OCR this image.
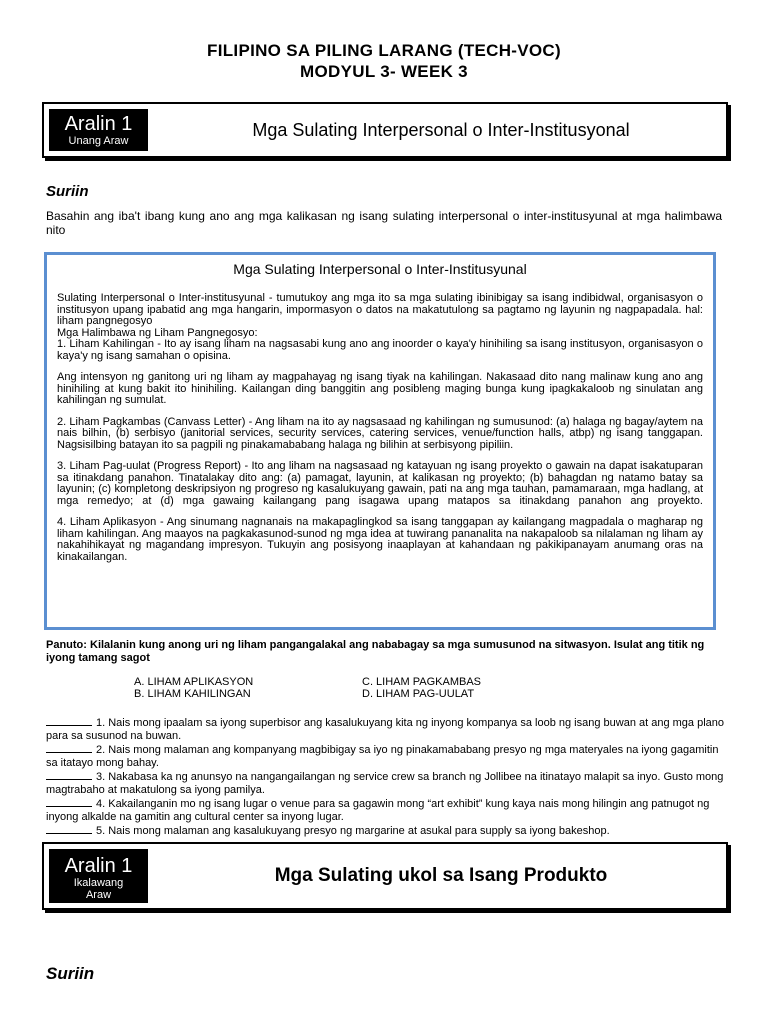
FILIPINO SA PILING LARANG (TECH-VOC)
MODYUL 3- WEEK 3
Aralin 1
Unang Araw
Mga Sulating Interpersonal o Inter-Institusyonal
Suriin
Basahin ang iba't ibang kung ano ang mga kalikasan ng isang sulating interpersonal o inter-institusyunal at mga halimbawa nito
Mga Sulating Interpersonal o Inter-Institusyunal

Sulating Interpersonal o Inter-institusyunal - tumutukoy ang mga ito sa mga sulating ibinibigay sa isang indibidwal, organisasyon o institusyon upang ipabatid ang mga hangarin, impormasyon o datos na makatutulong sa pagtamo ng layunin ng nagpapadala. hal: liham pangnegosyo

Mga Halimbawa ng Liham Pangnegosyo:

1. Liham Kahilingan - Ito ay isang liham na nagsasabi kung ano ang inoorder o kaya'y hinihiling sa isang institusyon, organisasyon o kaya'y ng isang samahan o opisina.

Ang intensyon ng ganitong uri ng liham ay magpahayag ng isang tiyak na kahilingan. Nakasaad dito nang malinaw kung ano ang hinihiling at kung bakit ito hinihiling. Kailangan ding banggitin ang posibleng maging bunga kung ipagkakaloob ng sinulatan ang kahilingan ng sumulat.

2. Liham Pagkambas (Canvass Letter) - Ang liham na ito ay nagsasaad ng kahilingan ng sumusunod: (a) halaga ng bagay/aytem na nais bilhin, (b) serbisyo (janitorial services, security services, catering services, venue/function halls, atbp) ng isang tanggapan. Nagsisilbing batayan ito sa pagpili ng pinakamababang halaga ng bilihin at serbisyong pipiliin.

3. Liham Pag-uulat (Progress Report) - Ito ang liham na nagsasaad ng katayuan ng isang proyekto o gawain na dapat isakatuparan sa itinakdang panahon. Tinatalakay dito ang: (a) pamagat, layunin, at kalikasan ng proyekto; (b) bahagdan ng natamo batay sa layunin; (c) kompletong deskripsiyon ng progreso ng kasalukuyang gawain, pati na ang mga tauhan, pamamaraan, mga hadlang, at mga remedyo; at (d) mga gawaing kailangang pang isagawa upang matapos sa itinakdang panahon ang proyekto.

4. Liham Aplikasyon - Ang sinumang nagnanais na makapaglingkod sa isang tanggapan ay kailangang magpadala o magharap ng liham kahilingan. Ang maayos na pagkakasunod-sunod ng mga idea at tuwirang pananalita na nakapaloob sa nilalaman ng liham ay nakahihikayat ng magandang impresyon. Tukuyin ang posisyong inaaplayan at kahandaan ng pakikipanayam anumang oras na kinakailangan.

Panuto: Kilalanin kung anong uri ng liham pangangalakal ang nababagay sa mga sumusunod na sitwasyon. Isulat ang titik ng iyong tamang sagot
A. LIHAM APLIKASYON
B. LIHAM KAHILINGAN
C. LIHAM PAGKAMBAS
D. LIHAM PAG-UULAT

1. Nais mong ipaalam sa iyong superbisor ang kasalukuyang kita ng inyong kompanya sa loob ng isang buwan at ang mga plano para sa susunod na buwan.

2. Nais mong malaman ang kompanyang magbibigay sa iyo ng pinakamababang presyo ng mga materyales na iyong gagamitin sa itatayo mong bahay.

3. Nakabasa ka ng anunsyo na nangangailangan ng service crew sa branch ng Jollibee na itinatayo malapit sa inyo. Gusto mong magtrabaho at makatulong sa iyong pamilya.

4. Kakailanganin mo ng isang lugar o venue para sa gagawin mong “art exhibit” kung kaya nais mong hilingin ang patnugot ng inyong alkalde na gamitin ang cultural center sa inyong lugar.

5. Nais mong malaman ang kasalukuyang presyo ng margarine at asukal para supply sa iyong bakeshop.

Aralin 1
Ikalawang
Araw
Mga Sulating ukol sa Isang Produkto
Suriin
